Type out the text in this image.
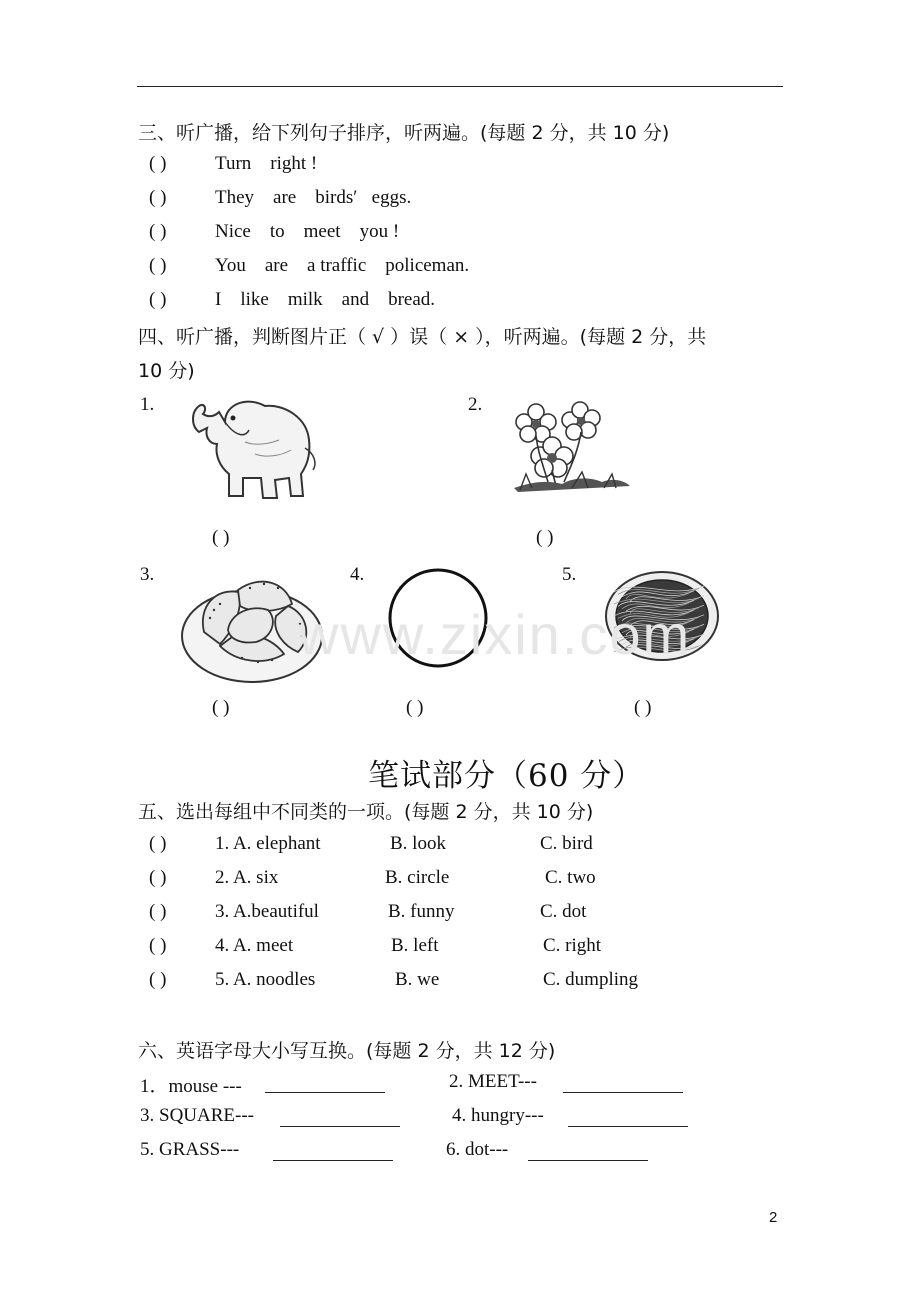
三、听广播，给下列句子排序，听两遍。(每题 2 分，共 10 分)
( )	Turn    right !
( )	They    are    birds′   eggs.
( )	Nice    to    meet    you !
( )	You    are    a traffic    policeman.
( )	I    like    milk    and    bread.
四、听广播，判断图片正（ √ ）误（ × ），听两遍。(每题 2 分，共
10 分)
1.	2.
3.	4.	5.
www.zixin.com
( )	( )
( )	( )	( )
笔试部分（60 分）
五、选出每组中不同类的一项。(每题 2 分，共 10 分)
( )	1. A. elephant	B. look	C. bird
( )	2. A. six	B. circle	C. two
( )	3. A.beautiful	B. funny	C. dot
( )	4. A. meet	B. left	C. right
( )	5. A. noodles	B. we	C. dumpling
六、英语字母大小写互换。(每题 2 分，共 12 分)
1．mouse ---	2. MEET---
3. SQUARE---	4. hungry---
5. GRASS---	6. dot---
2
